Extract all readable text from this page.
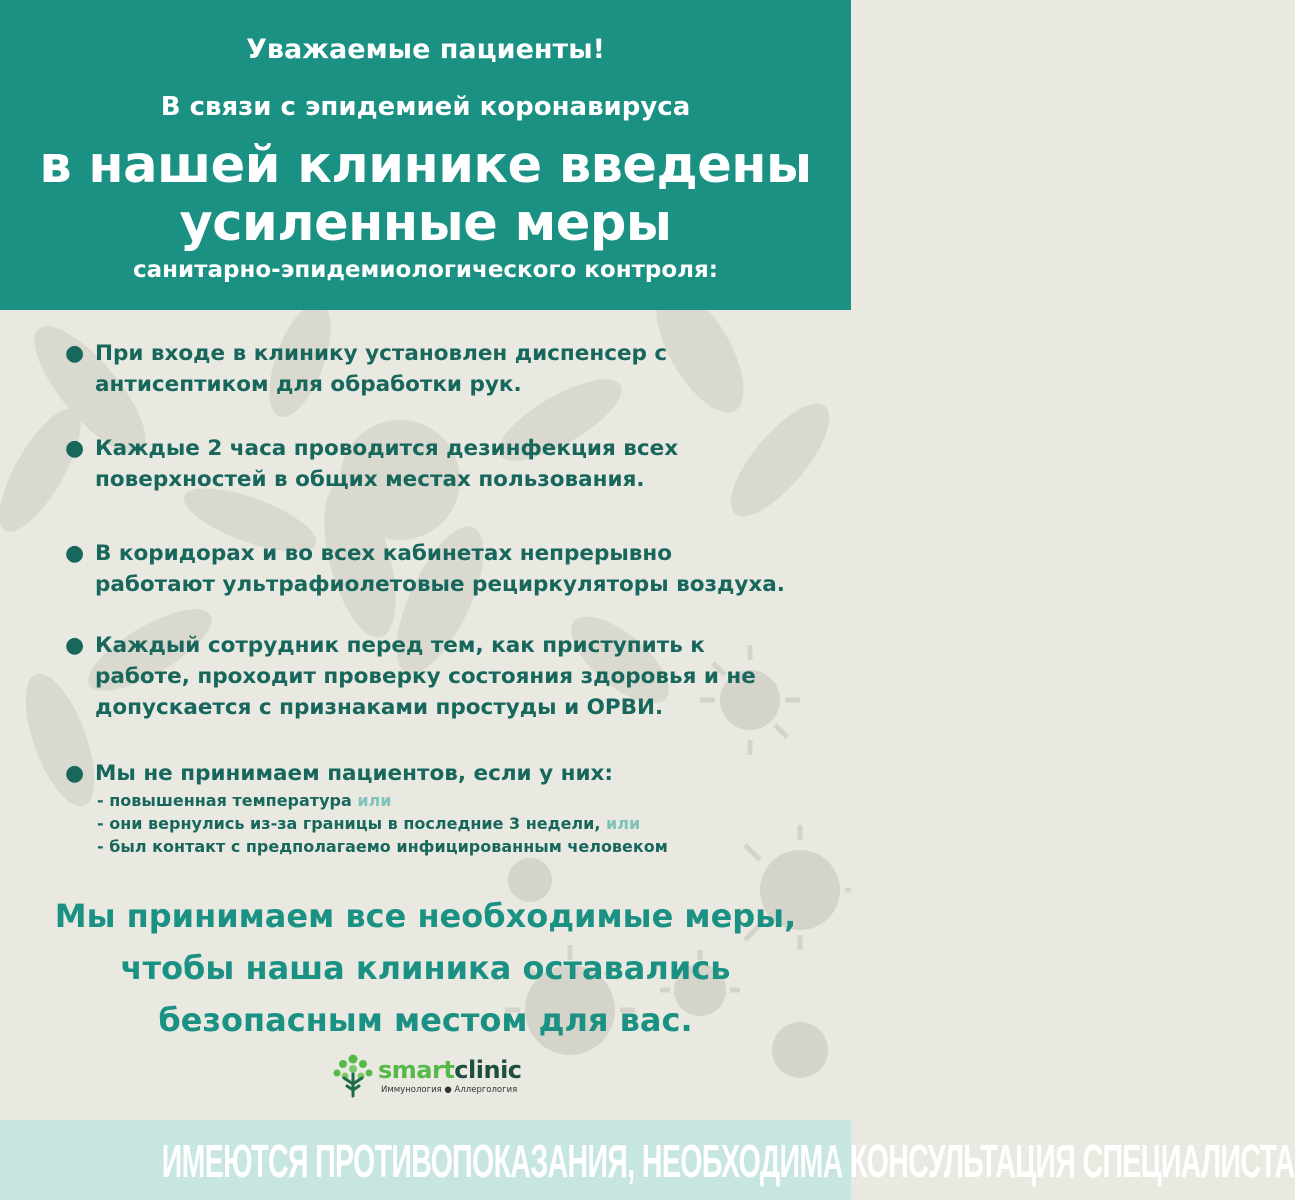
Уважаемые пациенты!
В связи с эпидемией коронавируса
в нашей клинике введены
усиленные меры
санитарно-эпидемиологического контроля:
● При входе в клинику установлен диспенсер с
антисептиком для обработки рук.
● Каждые 2 часа проводится дезинфекция всех
поверхностей в общих местах пользования.
● В коридорах и во всех кабинетах непрерывно
работают ультрафиолетовые рециркуляторы воздуха.
● Каждый сотрудник перед тем, как приступить к
работе, проходит проверку состояния здоровья и не
допускается с признаками простуды и ОРВИ.
● Мы не принимаем пациентов, если у них:
- повышенная температура или
- они вернулись из-за границы в последние 3 недели, или
- был контакт с предполагаемо инфицированным человеком
Мы принимаем все необходимые меры,
чтобы наша клиника оставались
безопасным местом для вас.
smartclinic
Иммунология ● Аллергология
ИМЕЮТСЯ ПРОТИВОПОКАЗАНИЯ, НЕОБХОДИМА КОНСУЛЬТАЦИЯ СПЕЦИАЛИСТА
